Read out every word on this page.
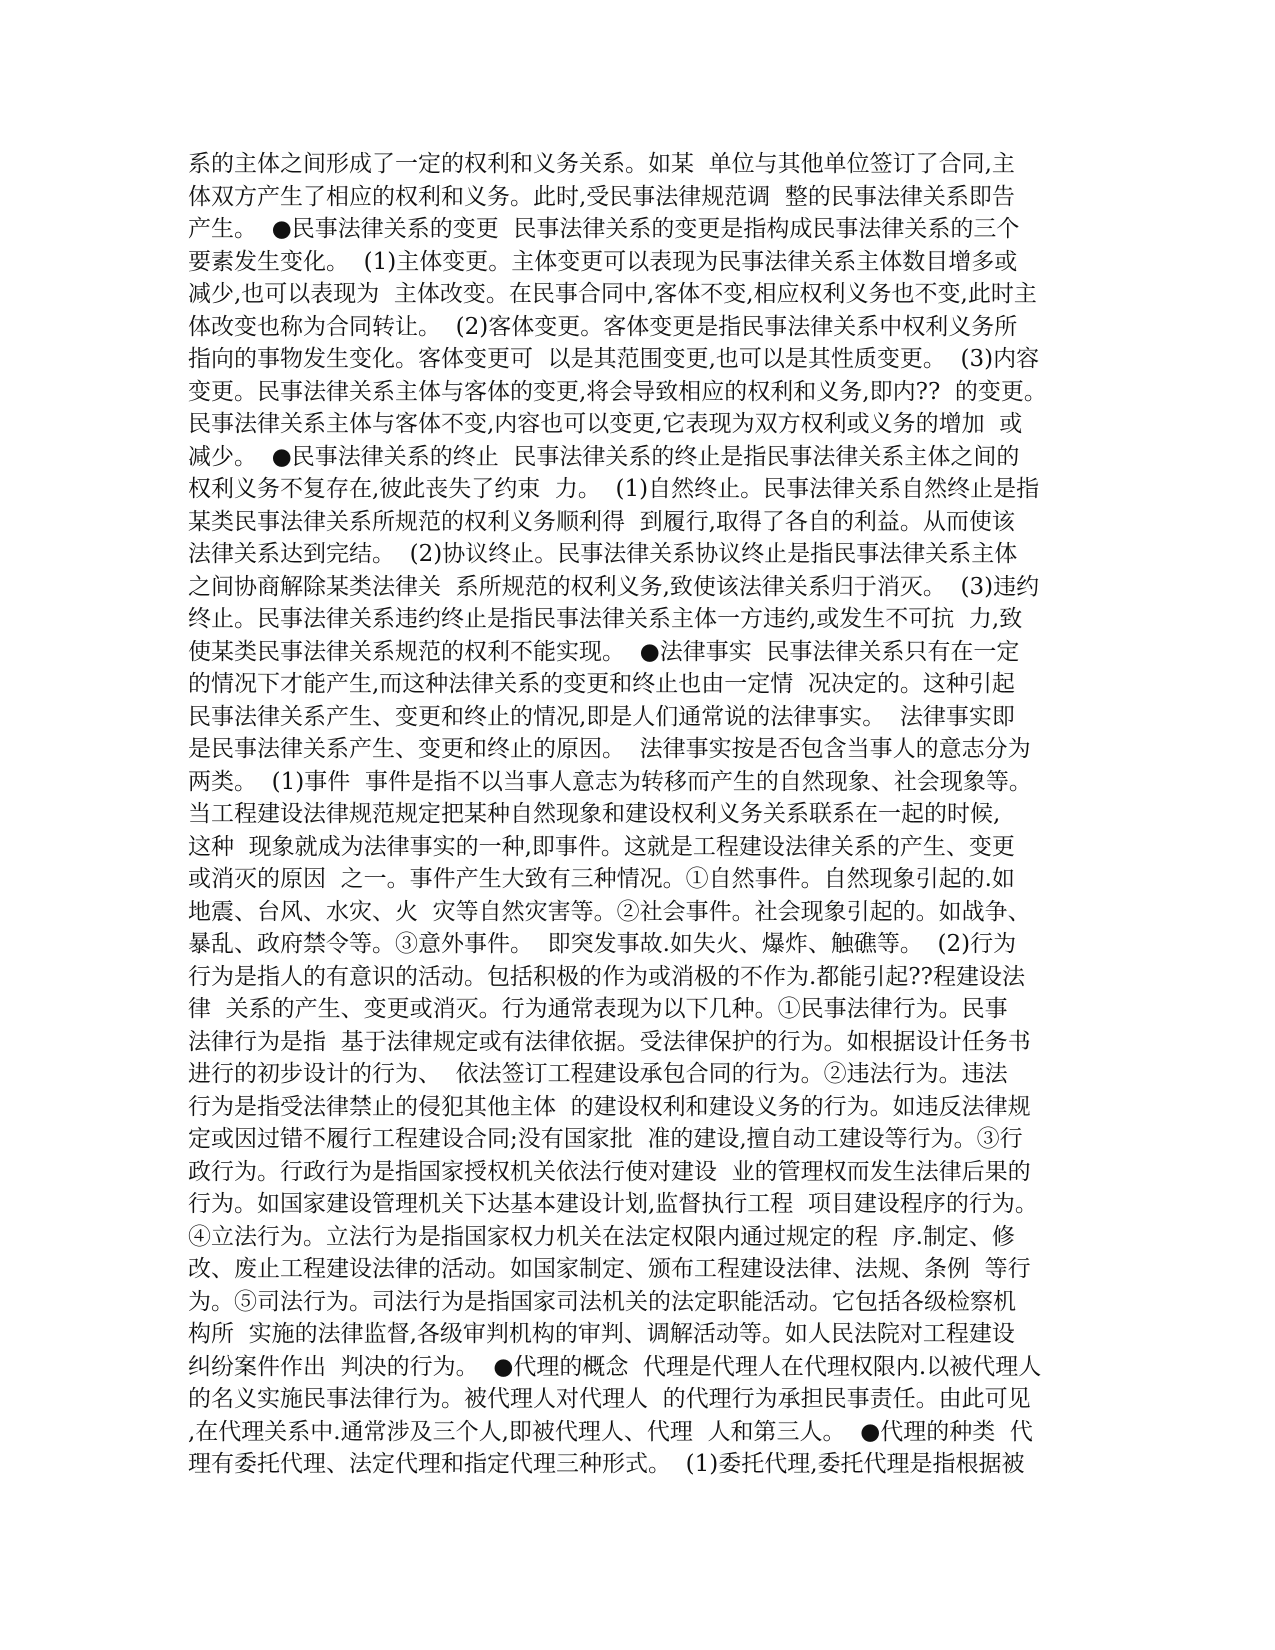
系的主体之间形成了一定的权利和义务关系。如某  单位与其他单位签订了合同,主
体双方产生了相应的权利和义务。此时,受民事法律规范调  整的民事法律关系即告
产生。  ●民事法律关系的变更  民事法律关系的变更是指构成民事法律关系的三个
要素发生变化。  (1)主体变更。主体变更可以表现为民事法律关系主体数目增多或
减少,也可以表现为  主体改变。在民事合同中,客体不变,相应权利义务也不变,此时主
体改变也称为合同转让。  (2)客体变更。客体变更是指民事法律关系中权利义务所
指向的事物发生变化。客体变更可  以是其范围变更,也可以是其性质变更。  (3)内容
变更。民事法律关系主体与客体的变更,将会导致相应的权利和义务,即内??  的变更。
民事法律关系主体与客体不变,内容也可以变更,它表现为双方权利或义务的增加  或
减少。  ●民事法律关系的终止  民事法律关系的终止是指民事法律关系主体之间的
权利义务不复存在,彼此丧失了约束  力。  (1)自然终止。民事法律关系自然终止是指
某类民事法律关系所规范的权利义务顺利得  到履行,取得了各自的利益。从而使该
法律关系达到完结。  (2)协议终止。民事法律关系协议终止是指民事法律关系主体
之间协商解除某类法律关  系所规范的权利义务,致使该法律关系归于消灭。  (3)违约
终止。民事法律关系违约终止是指民事法律关系主体一方违约,或发生不可抗  力,致
使某类民事法律关系规范的权利不能实现。  ●法律事实  民事法律关系只有在一定
的情况下才能产生,而这种法律关系的变更和终止也由一定情  况决定的。这种引起
民事法律关系产生、变更和终止的情况,即是人们通常说的法律事实。  法律事实即
是民事法律关系产生、变更和终止的原因。  法律事实按是否包含当事人的意志分为
两类。  (1)事件  事件是指不以当事人意志为转移而产生的自然现象、社会现象等。
当工程建设法律规范规定把某种自然现象和建设权利义务关系联系在一起的时候,
这种  现象就成为法律事实的一种,即事件。这就是工程建设法律关系的产生、变更
或消灭的原因  之一。事件产生大致有三种情况。①自然事件。自然现象引起的.如
地震、台风、水灾、火  灾等自然灾害等。②社会事件。社会现象引起的。如战争、
暴乱、政府禁令等。③意外事件。  即突发事故.如失火、爆炸、触礁等。  (2)行为
行为是指人的有意识的活动。包括积极的作为或消极的不作为.都能引起??程建设法
律  关系的产生、变更或消灭。行为通常表现为以下几种。①民事法律行为。民事
法律行为是指  基于法律规定或有法律依据。受法律保护的行为。如根据设计任务书
进行的初步设计的行为、  依法签订工程建设承包合同的行为。②违法行为。违法
行为是指受法律禁止的侵犯其他主体  的建设权利和建设义务的行为。如违反法律规
定或因过错不履行工程建设合同;没有国家批  准的建设,擅自动工建设等行为。③行
政行为。行政行为是指国家授权机关依法行使对建设  业的管理权而发生法律后果的
行为。如国家建设管理机关下达基本建设计划,监督执行工程  项目建设程序的行为。
④立法行为。立法行为是指国家权力机关在法定权限内通过规定的程  序.制定、修
改、废止工程建设法律的活动。如国家制定、颁布工程建设法律、法规、条例  等行
为。⑤司法行为。司法行为是指国家司法机关的法定职能活动。它包括各级检察机
构所  实施的法律监督,各级审判机构的审判、调解活动等。如人民法院对工程建设
纠纷案件作出  判决的行为。  ●代理的概念  代理是代理人在代理权限内.以被代理人
的名义实施民事法律行为。被代理人对代理人  的代理行为承担民事责任。由此可见
,在代理关系中.通常涉及三个人,即被代理人、代理  人和第三人。  ●代理的种类  代
理有委托代理、法定代理和指定代理三种形式。  (1)委托代理,委托代理是指根据被
